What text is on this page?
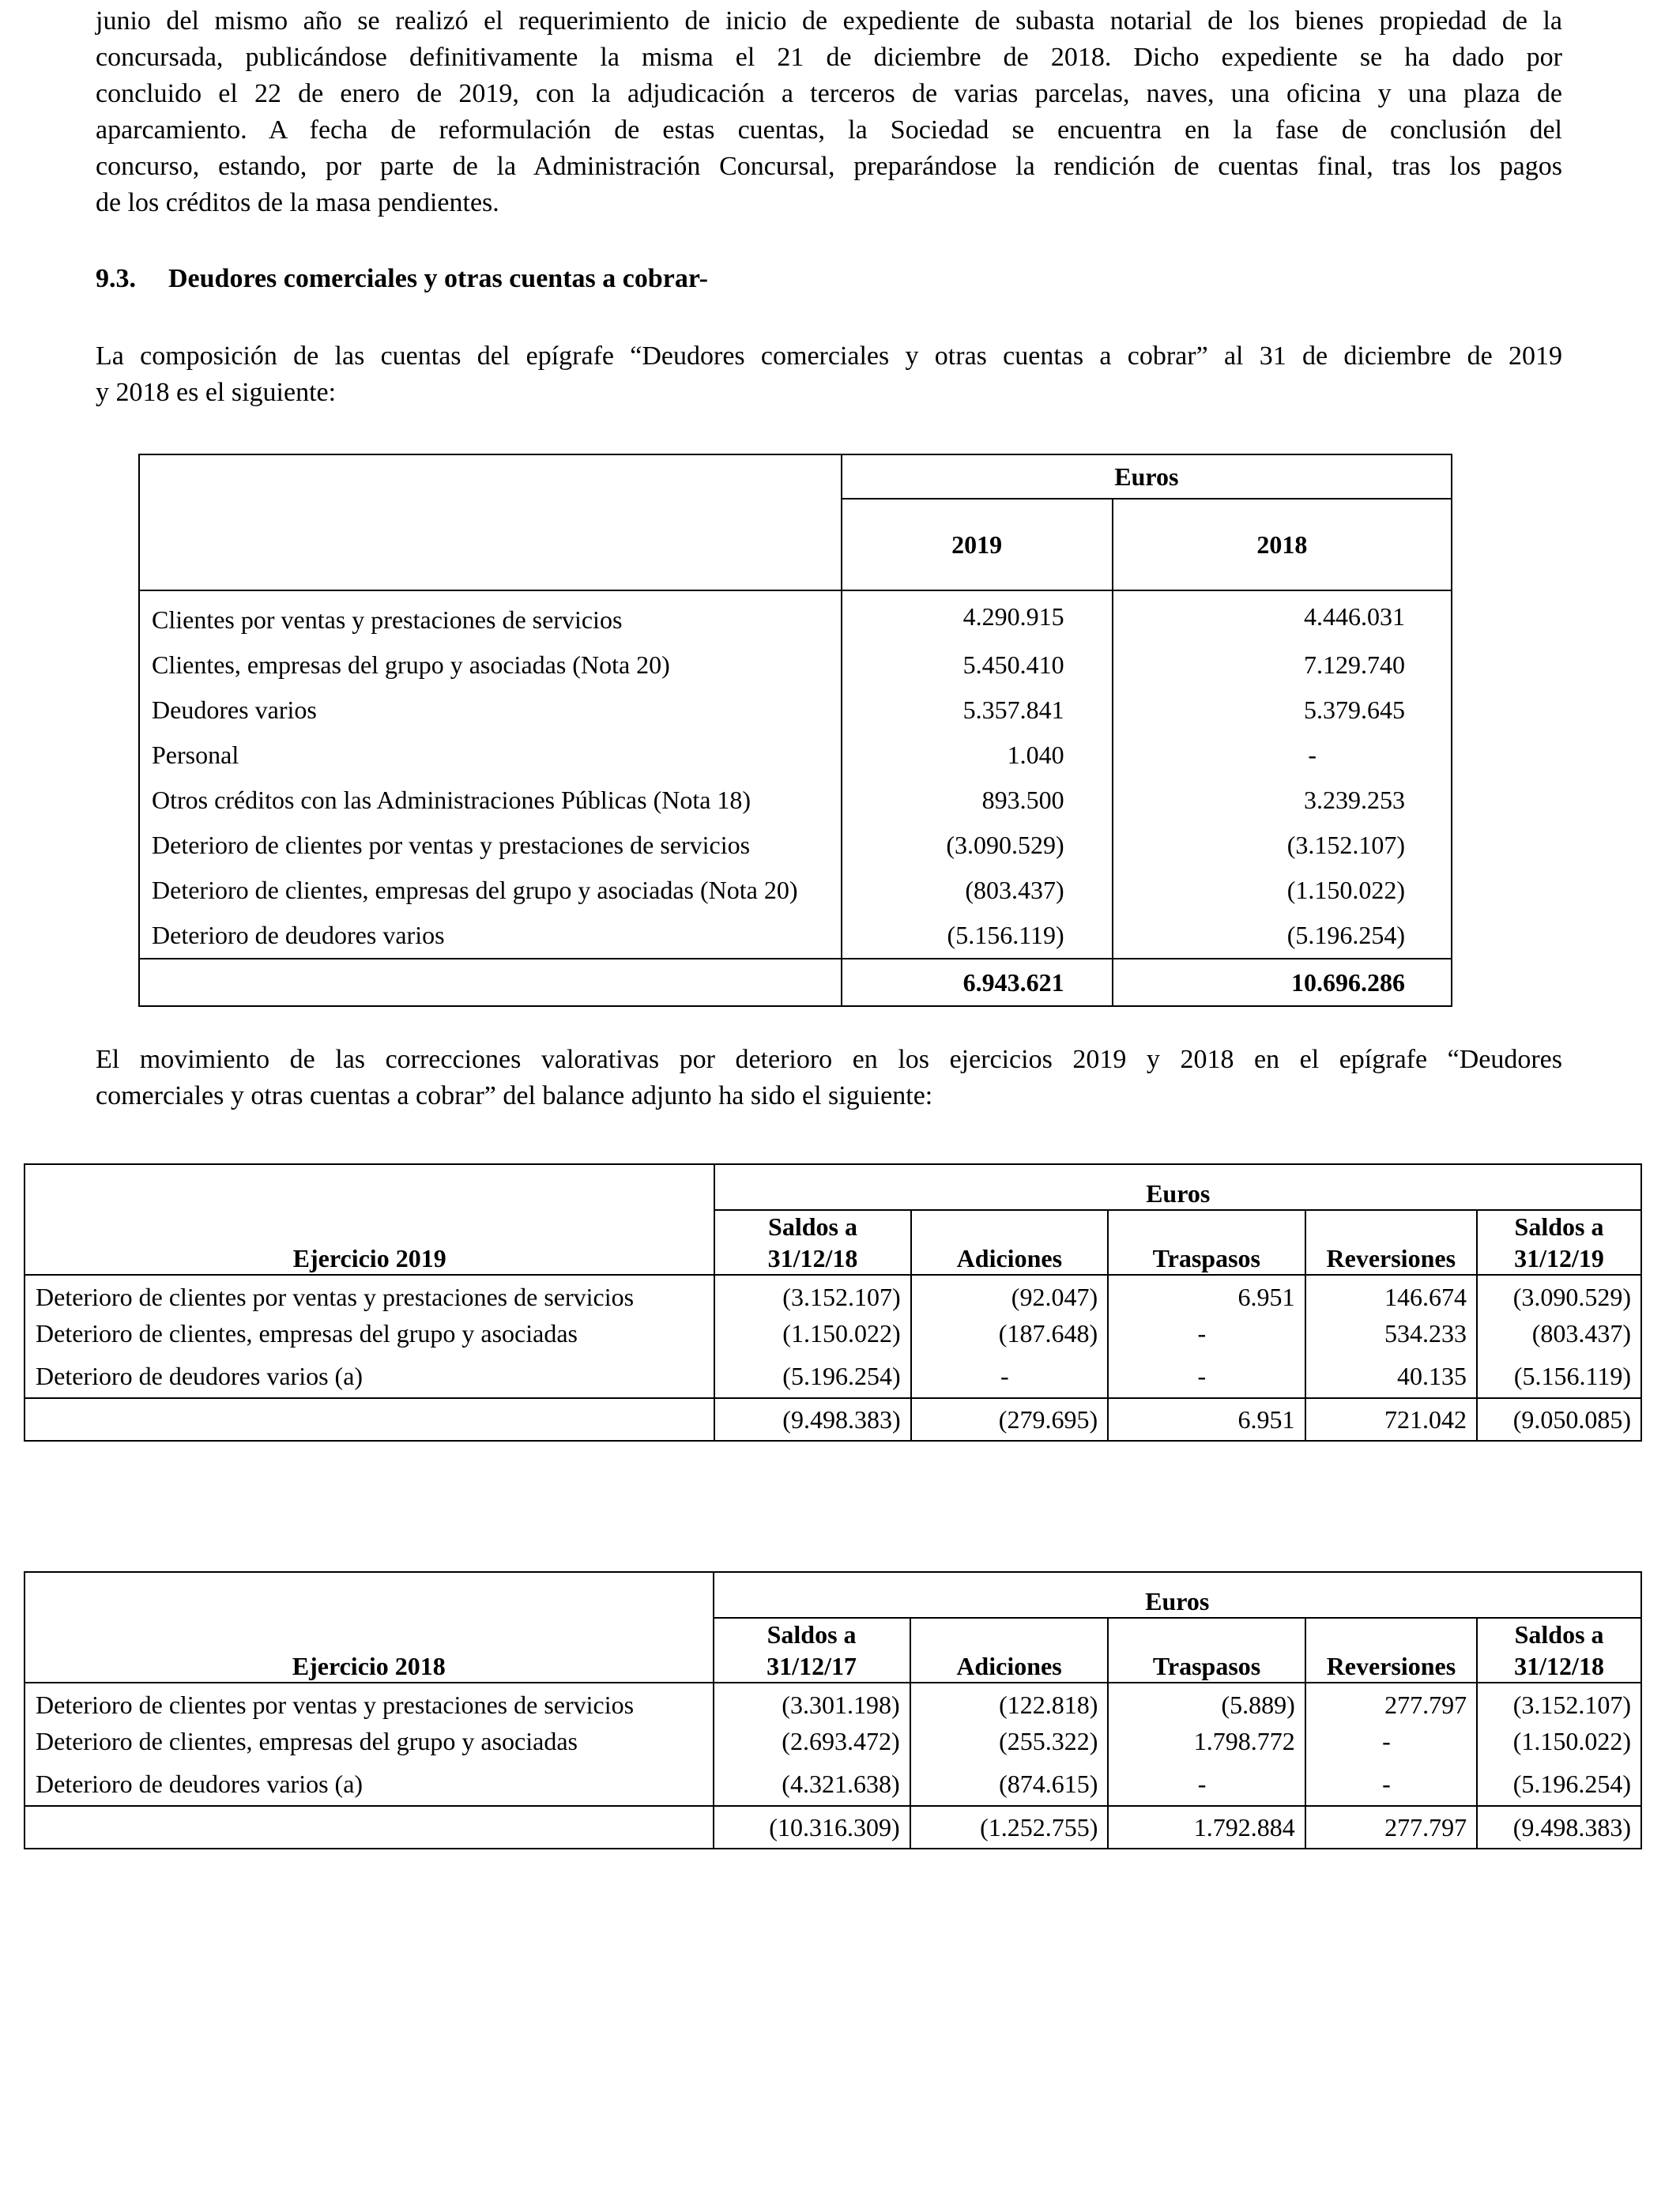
junio del mismo año se realizó el requerimiento de inicio de expediente de subasta notarial de los bienes propiedad de la
concursada, publicándose definitivamente la misma el 21 de diciembre de 2018. Dicho expediente se ha dado por
concluido el 22 de enero de 2019, con la adjudicación a terceros de varias parcelas, naves, una oficina y una plaza de
aparcamiento. A fecha de reformulación de estas cuentas, la Sociedad se encuentra en la fase de conclusión del
concurso, estando, por parte de la Administración Concursal, preparándose la rendición de cuentas final, tras los pagos
de los créditos de la masa pendientes.
9.3. Deudores comerciales y otras cuentas a cobrar-
La composición de las cuentas del epígrafe “Deudores comerciales y otras cuentas a cobrar” al 31 de diciembre de 2019
y 2018 es el siguiente:
	Euros	
	2019	2018
Clientes por ventas y prestaciones de servicios	4.290.915	4.446.031
Clientes, empresas del grupo y asociadas (Nota 20)	5.450.410	7.129.740
Deudores varios	5.357.841	5.379.645
Personal	1.040	-
Otros créditos con las Administraciones Públicas (Nota 18)	893.500	3.239.253
Deterioro de clientes por ventas y prestaciones de servicios	(3.090.529)	(3.152.107)
Deterioro de clientes, empresas del grupo y asociadas (Nota 20)	(803.437)	(1.150.022)
Deterioro de deudores varios	(5.156.119)	(5.196.254)
	6.943.621	10.696.286
El movimiento de las correcciones valorativas por deterioro en los ejercicios 2019 y 2018 en el epígrafe “Deudores
comerciales y otras cuentas a cobrar” del balance adjunto ha sido el siguiente:
Ejercicio 2019	Euros				
	Saldos a
31/12/18	Adiciones	Traspasos	Reversiones	Saldos a
31/12/19
Deterioro de clientes por ventas y prestaciones de servicios	(3.152.107)	(92.047)	6.951	146.674	(3.090.529)
Deterioro de clientes, empresas del grupo y asociadas	(1.150.022)	(187.648)	-	534.233	(803.437)
Deterioro de deudores varios (a)	(5.196.254)	-	-	40.135	(5.156.119)
	(9.498.383)	(279.695)	6.951	721.042	(9.050.085)
Ejercicio 2018	Euros				
	Saldos a
31/12/17	Adiciones	Traspasos	Reversiones	Saldos a
31/12/18
Deterioro de clientes por ventas y prestaciones de servicios	(3.301.198)	(122.818)	(5.889)	277.797	(3.152.107)
Deterioro de clientes, empresas del grupo y asociadas	(2.693.472)	(255.322)	1.798.772	-	(1.150.022)
Deterioro de deudores varios (a)	(4.321.638)	(874.615)	-	-	(5.196.254)
	(10.316.309)	(1.252.755)	1.792.884	277.797	(9.498.383)
